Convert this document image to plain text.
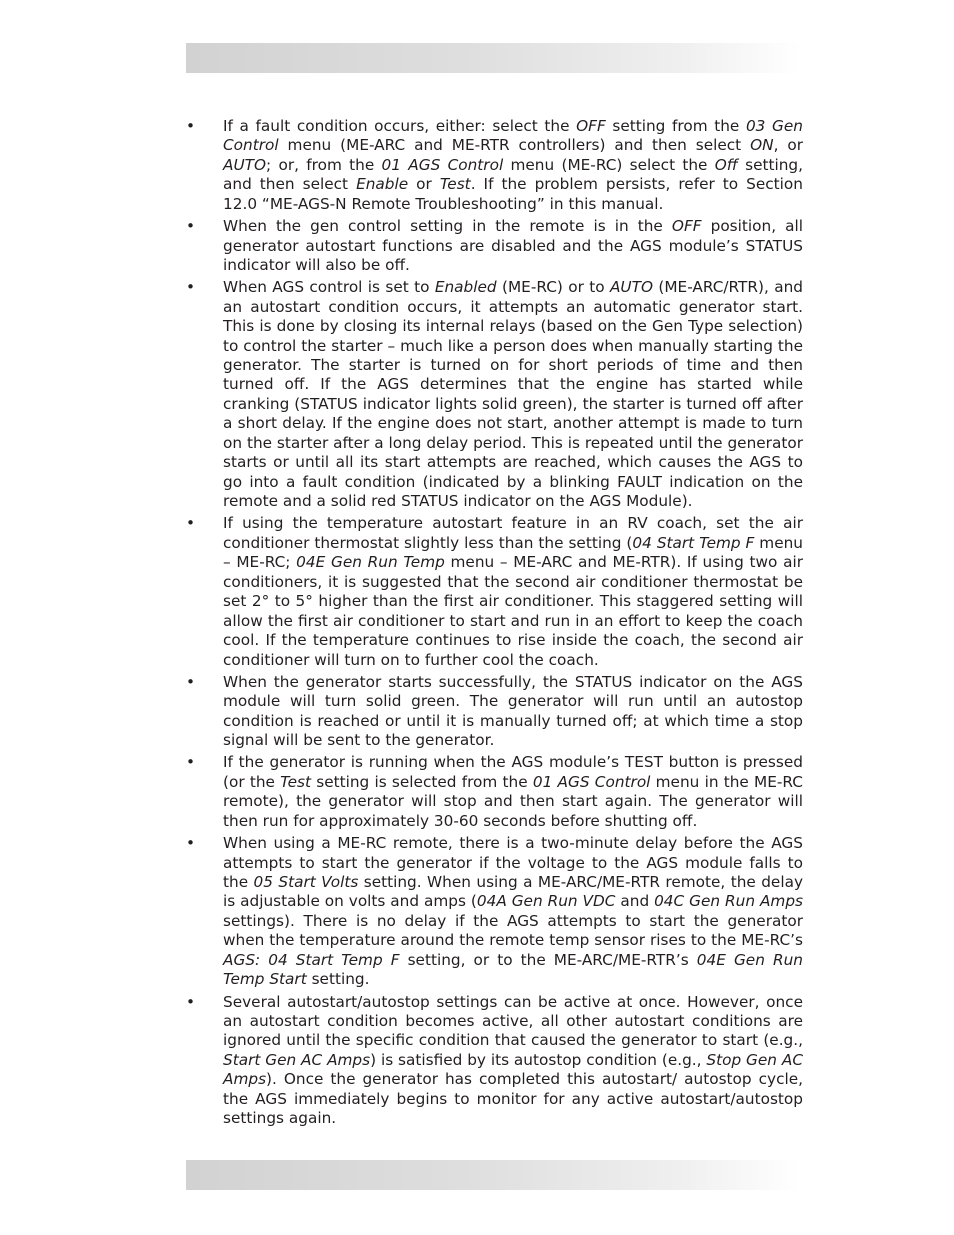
•	If a fault condition occurs, either: select the OFF setting from the 03 Gen Control menu (ME-ARC and ME-RTR controllers) and then select ON, or AUTO; or, from the 01 AGS Control menu (ME-RC) select the Off setting, and then select Enable or Test. If the problem persists, refer to Section 12.0 “ME-AGS-N Remote Troubleshooting” in this manual.
•	When the gen control setting in the remote is in the OFF position, all generator autostart functions are disabled and the AGS module’s STATUS indicator will also be off.
•	When AGS control is set to Enabled (ME-RC) or to AUTO (ME-ARC/RTR), and an autostart condition occurs, it attempts an automatic generator start. This is done by closing its internal relays (based on the Gen Type selection) to control the starter – much like a person does when manually starting the generator. The starter is turned on for short periods of time and then turned off. If the AGS determines that the engine has started while cranking (STATUS indicator lights solid green), the starter is turned off after a short delay. If the engine does not start, another attempt is made to turn on the starter after a long delay period. This is repeated until the generator starts or until all its start attempts are reached, which causes the AGS to go into a fault condition (indicated by a blinking FAULT indication on the remote and a solid red STATUS indicator on the AGS Module).
•	If using the temperature autostart feature in an RV coach, set the air conditioner thermostat slightly less than the setting (04 Start Temp F menu – ME-RC; 04E Gen Run Temp menu – ME-ARC and ME-RTR). If using two air conditioners, it is suggested that the second air conditioner thermostat be set 2° to 5° higher than the first air conditioner. This staggered setting will allow the first air conditioner to start and run in an effort to keep the coach cool. If the temperature continues to rise inside the coach, the second air conditioner will turn on to further cool the coach.
•	When the generator starts successfully, the STATUS indicator on the AGS module will turn solid green. The generator will run until an autostop condition is reached or until it is manually turned off; at which time a stop signal will be sent to the generator.
•	If the generator is running when the AGS module’s TEST button is pressed (or the Test setting is selected from the 01 AGS Control menu in the ME-RC remote), the generator will stop and then start again. The generator will then run for approximately 30-60 seconds before shutting off.
•	When using a ME-RC remote, there is a two-minute delay before the AGS attempts to start the generator if the voltage to the AGS module falls to the 05 Start Volts setting. When using a ME-ARC/ME-RTR remote, the delay is adjustable on volts and amps (04A Gen Run VDC and 04C Gen Run Amps settings). There is no delay if the AGS attempts to start the generator when the temperature around the remote temp sensor rises to the ME-RC’s AGS: 04 Start Temp F setting, or to the ME-ARC/ME-RTR’s 04E Gen Run Temp Start setting.
•	Several autostart/autostop settings can be active at once. However, once an autostart condition becomes active, all other autostart conditions are ignored until the specific condition that caused the generator to start (e.g., Start Gen AC Amps) is satisfied by its autostop condition (e.g., Stop Gen AC Amps). Once the generator has completed this autostart/ autostop cycle, the AGS immediately begins to monitor for any active autostart/autostop settings again.
